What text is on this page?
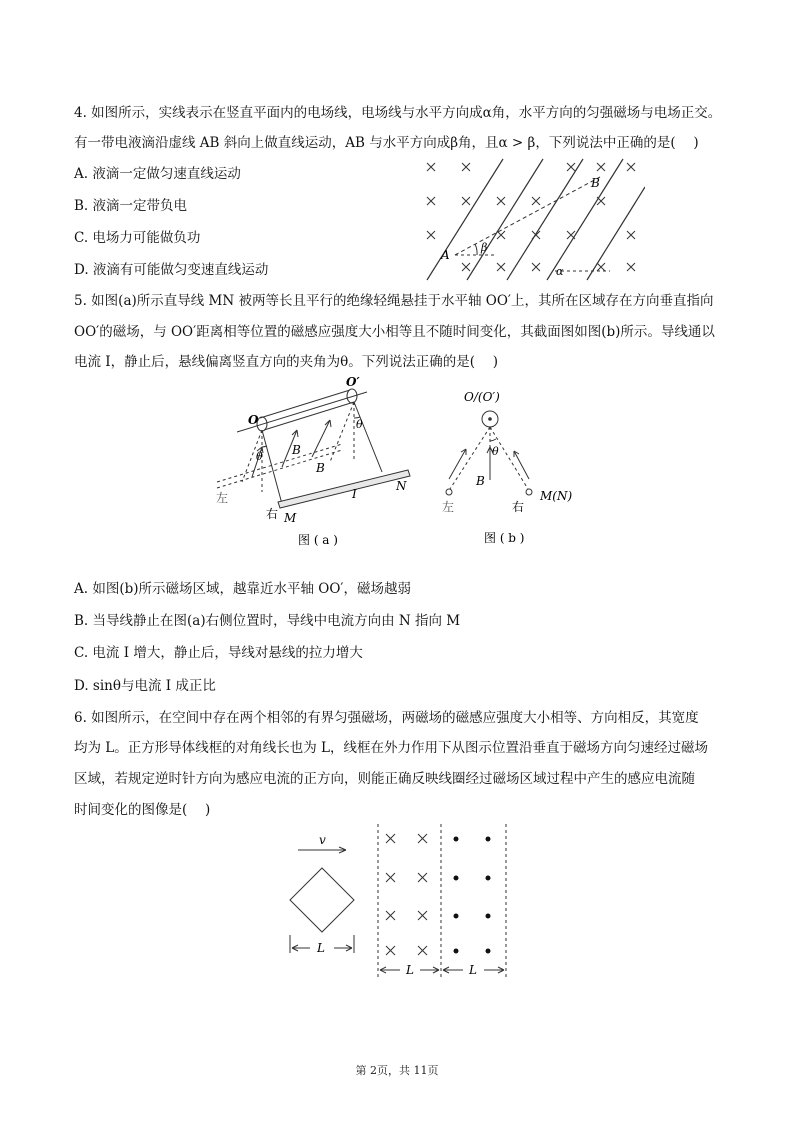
4. 如图所示，实线表示在竖直平面内的电场线，电场线与水平方向成α角，水平方向的匀强磁场与电场正交。
有一带电液滴沿虚线 AB 斜向上做直线运动，AB 与水平方向成β角，且α > β，下列说法中正确的是(　 )
A. 液滴一定做匀速直线运动
B. 液滴一定带负电
C. 电场力可能做负功
D. 液滴有可能做匀变速直线运动
A
B
β
α
5. 如图(a)所示直导线 MN 被两等长且平行的绝缘轻绳悬挂于水平轴 OO′上，其所在区域存在方向垂直指向
OO′的磁场，与 OO′距离相等位置的磁感应强度大小相等且不随时间变化，其截面图如图(b)所示。导线通以
电流 I，静止后，悬线偏离竖直方向的夹角为θ。下列说法正确的是(　 )
O
O′
θ
θ
B
B
I
N
M
左
右
图 ( a )
O/(O′)
θ
B
M(N)
左	右
图 ( b )
A. 如图(b)所示磁场区域，越靠近水平轴 OO′，磁场越弱
B. 当导线静止在图(a)右侧位置时，导线中电流方向由 N 指向 M
C. 电流 I 增大，静止后，导线对悬线的拉力增大
D. sinθ与电流 I 成正比
6. 如图所示，在空间中存在两个相邻的有界匀强磁场，两磁场的磁感应强度大小相等、方向相反，其宽度
均为 L。正方形导体线框的对角线长也为 L，线框在外力作用下从图示位置沿垂直于磁场方向匀速经过磁场
区域，若规定逆时针方向为感应电流的正方向，则能正确反映线圈经过磁场区域过程中产生的感应电流随
时间变化的图像是(　 )
v
L
L	L
第 2页，共 11页
